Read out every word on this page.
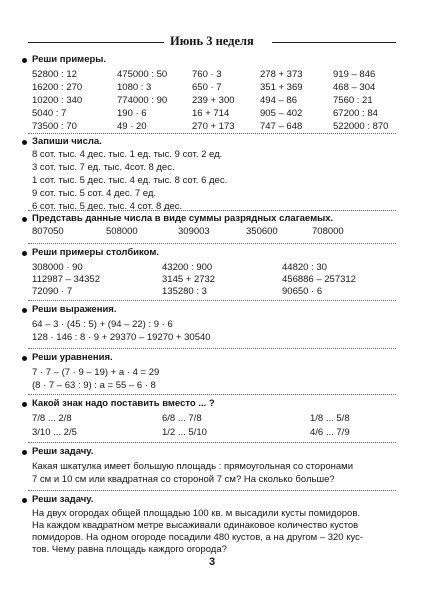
Июнь 3 неделя
Реши примеры.
52800 : 12	475000 : 50	760 · 3	278 + 373	919 – 846
16200 : 270	1080 : 3	650 · 7	351 + 369	468 – 304
10200 : 340	774000 : 90	239 + 300	494 – 86	7560 : 21
5040 : 7	190 · 6	16 + 714	905 – 402	67200 : 84
73500 : 70	49 · 20	270 + 173	747 – 648	522000 : 870
Запиши числа.
8 сот. тыс. 4 дес. тыс. 1 ед. тыс. 9 сот. 2 ед.
3 сот. тыс. 7 ед. тыс. 4сот. 8 дес.
1 сот. тыс. 5 дес. тыс. 4 ед. тыс. 8 сот. 6 дес.
9 сот. тыс. 5 сот. 4 дес. 7 ед.
6 сот. тыс. 5 дес. тыс. 4 сот. 8 дес.
Представь данные числа в виде суммы разрядных слагаемых.
807050	508000	309003	350600	708000
Реши примеры столбиком.
308000 · 90	43200 : 900	44820 : 30
112987 – 34352	3145 + 2732	456886 – 257312
72090 · 7	135280 : 3	90650 · 6
Реши выражения.
64 – 3 · (45 : 5) + (94 – 22) : 9 · 6
128 · 146 : 8 · 9 + 29370 – 19270 + 30540
Реши уравнения.
7 · 7 – (7 · 9 – 19) + а · 4 = 29
(8 · 7 – 63 : 9) : а = 55 – 6 · 8
Какой знак надо поставить вместо ... ?
7/8 ... 2/8	6/8 ... 7/8	1/8 ... 5/8
3/10 ... 2/5	1/2 ... 5/10	4/6 ... 7/9
Реши задачу.
Какая шкатулка имеет большую площадь : прямоугольная со сторонами
7 см и 10 см или квадратная со стороной 7 см? На сколько больше?
Реши задачу.
На двух огородах общей площадью 100 кв. м высадили кусты помидоров.
На каждом квадратном метре высаживали одинаковое количество кустов
помидоров. На одном огороде посадили 480 кустов, а на другом – 320 кус-
тов. Чему равна площадь каждого огорода?
3
